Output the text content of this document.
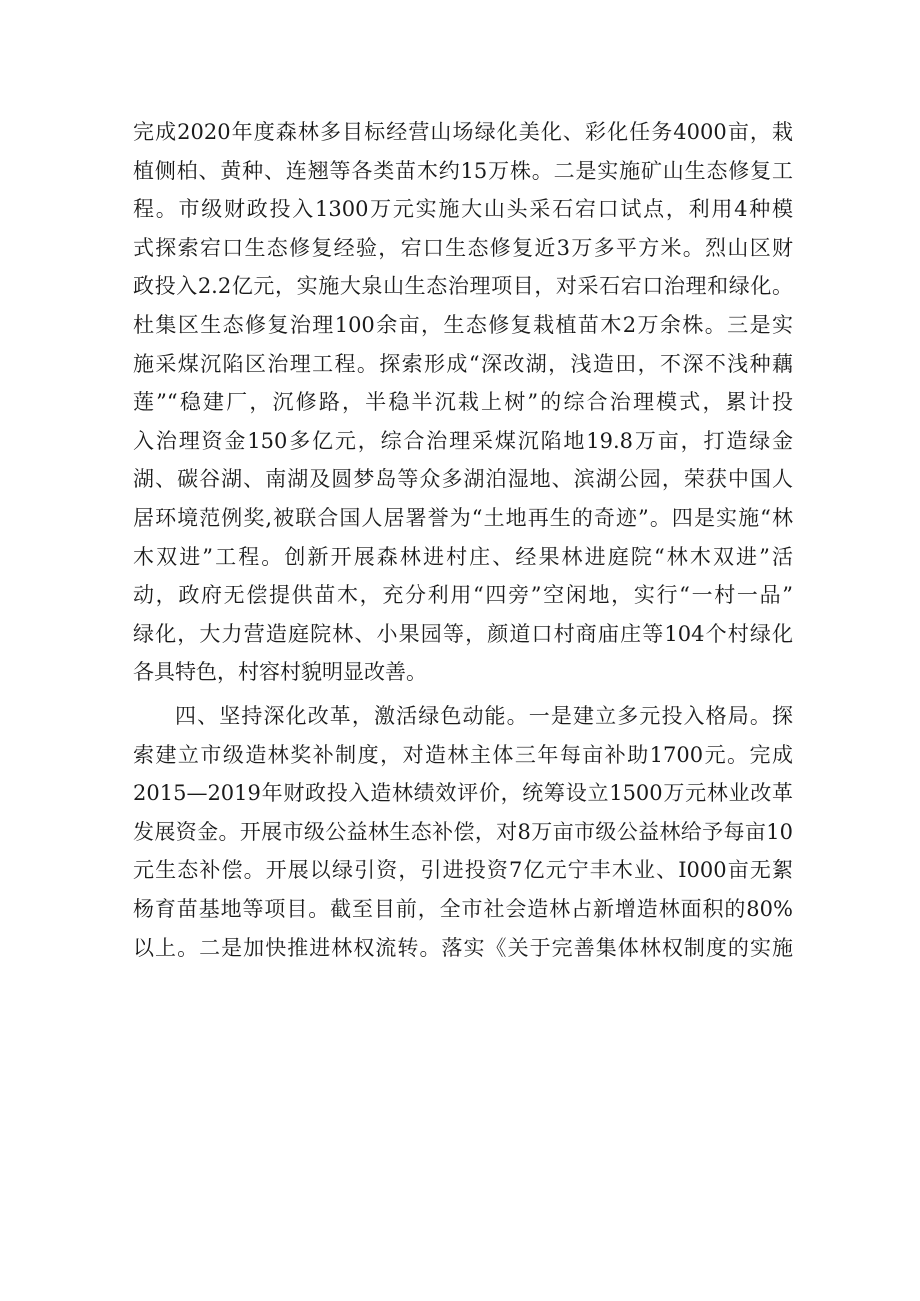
完成2020年度森林多目标经营山场绿化美化、彩化任务4000亩，栽
植侧柏、黄种、连翘等各类苗木约15万株。二是实施矿山生态修复工
程。市级财政投入1300万元实施大山头采石宕口试点，利用4种模
式探索宕口生态修复经验，宕口生态修复近3万多平方米。烈山区财
政投入2.2亿元，实施大泉山生态治理项目，对采石宕口治理和绿化。
杜集区生态修复治理100余亩，生态修复栽植苗木2万余株。三是实
施采煤沉陷区治理工程。探索形成“深改湖，浅造田，不深不浅种藕
莲”“稳建厂，沉修路，半稳半沉栽上树”的综合治理模式，累计投
入治理资金150多亿元，综合治理采煤沉陷地19.8万亩，打造绿金
湖、碳谷湖、南湖及圆梦岛等众多湖泊湿地、滨湖公园，荣获中国人
居环境范例奖,被联合国人居署誉为“土地再生的奇迹”。四是实施“林
木双进”工程。创新开展森林进村庄、经果林进庭院“林木双进”活
动，政府无偿提供苗木，充分利用“四旁”空闲地，实行“一村一品”
绿化，大力营造庭院林、小果园等，颜道口村商庙庄等104个村绿化
各具特色，村容村貌明显改善。
四、坚持深化改革，激活绿色动能。一是建立多元投入格局。探
索建立市级造林奖补制度，对造林主体三年每亩补助1700元。完成
2015—2019年财政投入造林绩效评价，统筹设立1500万元林业改革
发展资金。开展市级公益林生态补偿，对8万亩市级公益林给予每亩10
元生态补偿。开展以绿引资，引进投资7亿元宁丰木业、I000亩无絮
杨育苗基地等项目。截至目前，全市社会造林占新增造林面积的80%
以上。二是加快推进林权流转。落实《关于完善集体林权制度的实施
